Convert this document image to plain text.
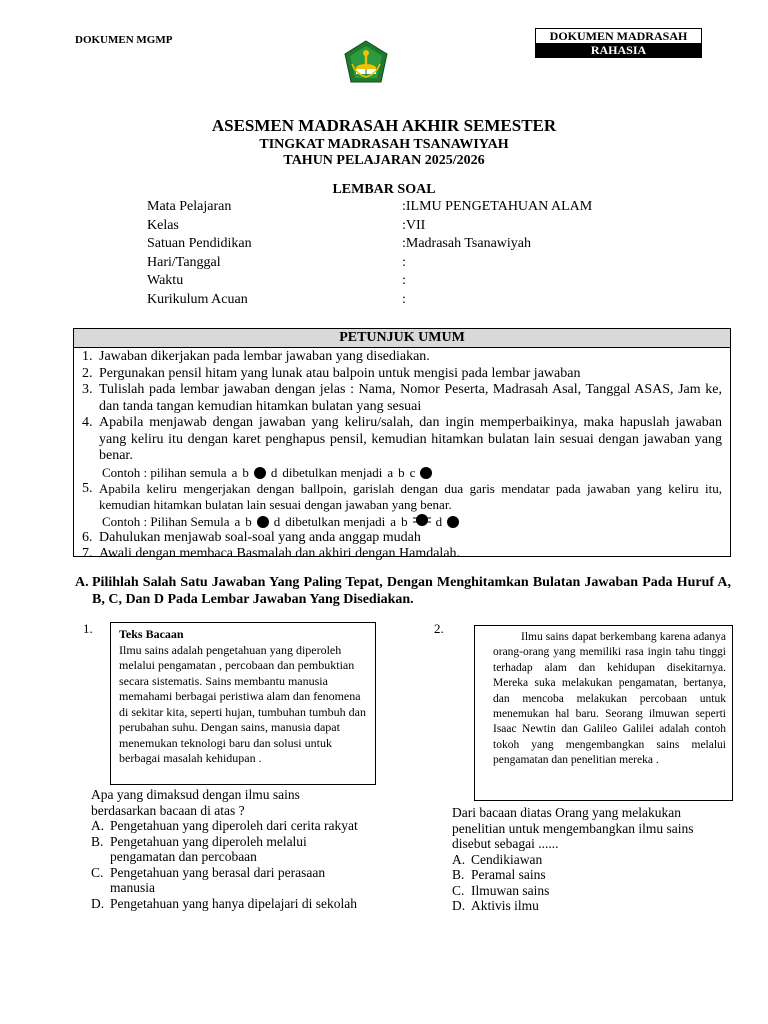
DOKUMEN MGMP	DOKUMEN MADRASAH
RAHASIA
ASESMEN MADRASAH AKHIR SEMESTER
TINGKAT MADRASAH TSANAWIYAH
TAHUN PELAJARAN 2025/2026
LEMBAR SOAL
Mata Pelajaran	:ILMU PENGETAHUAN ALAM
Kelas	:VII
Satuan Pendidikan	:Madrasah Tsanawiyah
Hari/Tanggal	:
Waktu	:
Kurikulum Acuan	:
PETUNJUK UMUM
1. Jawaban dikerjakan pada lembar jawaban yang disediakan.
2. Pergunakan pensil hitam yang lunak atau balpoin untuk mengisi pada lembar jawaban
3. Tulislah pada lembar jawaban dengan jelas : Nama, Nomor Peserta, Madrasah Asal, Tanggal ASAS, Jam ke, dan tanda tangan kemudian hitamkan bulatan yang sesuai
4. Apabila menjawab dengan jawaban yang keliru/salah, dan ingin memperbaikinya, maka hapuslah jawaban yang keliru itu dengan karet penghapus pensil, kemudian hitamkan bulatan lain sesuai dengan jawaban yang benar.
Contoh : pilihan semula a b d dibetulkan menjadi a b c
5. Apabila keliru mengerjakan dengan ballpoin, garislah dengan dua garis mendatar pada jawaban yang keliru itu, kemudian hitamkan bulatan lain sesuai dengan jawaban yang benar.
Contoh : Pilihan Semula a b d dibetulkan menjadi a b d
6. Dahulukan menjawab soal-soal yang anda anggap mudah
7. Awali dengan membaca Basmalah dan akhiri dengan Hamdalah.
A. Pilihlah Salah Satu Jawaban Yang Paling Tepat, Dengan Menghitamkan Bulatan Jawaban Pada Huruf A, B, C, Dan D Pada Lembar Jawaban Yang Disediakan.
1. Teks Bacaan
Ilmu sains adalah pengetahuan yang diperoleh melalui pengamatan , percobaan dan pembuktian secara sistematis. Sains membantu manusia memahami berbagai peristiwa alam dan fenomena di sekitar kita, seperti hujan, tumbuhan tumbuh dan perubahan suhu. Dengan sains, manusia dapat menemukan teknologi baru dan solusi untuk berbagai masalah kehidupan .
Apa yang dimaksud dengan ilmu sains berdasarkan bacaan di atas ?
A. Pengetahuan yang diperoleh dari cerita rakyat
B. Pengetahuan yang diperoleh melalui pengamatan dan percobaan
C. Pengetahuan yang berasal dari perasaan manusia
D. Pengetahuan yang hanya dipelajari di sekolah
2.
Ilmu sains dapat berkembang karena adanya orang-orang yang memiliki rasa ingin tahu tinggi terhadap alam dan kehidupan disekitarnya. Mereka suka melakukan pengamatan, bertanya, dan mencoba melakukan percobaan untuk menemukan hal baru. Seorang ilmuwan seperti Isaac Newtin dan Galileo Galilei adalah contoh tokoh yang mengembangkan sains melalui pengamatan dan penelitian mereka .
Dari bacaan diatas Orang yang melakukan penelitian untuk mengembangkan ilmu sains disebut sebagai ......
A. Cendikiawan
B. Peramal sains
C. Ilmuwan sains
D. Aktivis ilmu
